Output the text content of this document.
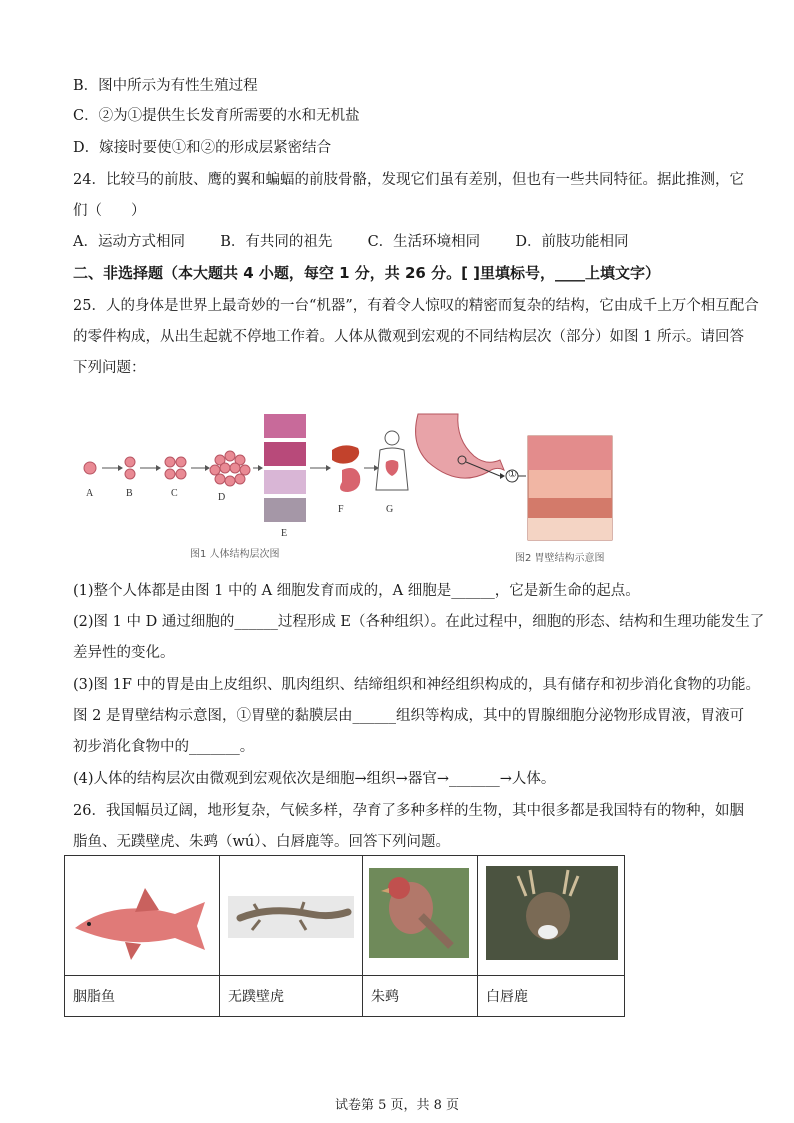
B．图中所示为有性生殖过程
C．②为①提供生长发育所需要的水和无机盐
D．嫁接时要使①和②的形成层紧密结合
24．比较马的前肢、鹰的翼和蝙蝠的前肢骨骼，发现它们虽有差别，但也有一些共同特征。据此推测，它
们（　　）
A．运动方式相同 B．有共同的祖先 C．生活环境相同 D．前肢功能相同
二、非选择题（本大题共 4 小题，每空 1 分，共 26 分。[ ]里填标号，____上填文字）
25．人的身体是世界上最奇妙的一台“机器”，有着令人惊叹的精密而复杂的结构，它由成千上万个相互配合
的零件构成，从出生起就不停地工作着。人体从微观到宏观的不同结构层次（部分）如图 1 所示。请回答
下列问题：
A	B	C	D
E
F	G
①
图1 人体结构层次图	图2 胃壁结构示意图
(1)整个人体都是由图 1 中的 A 细胞发育而成的，A 细胞是______，它是新生命的起点。
(2)图 1 中 D 通过细胞的______过程形成 E（各种组织）。在此过程中，细胞的形态、结构和生理功能发生了
差异性的变化。
(3)图 1F 中的胃是由上皮组织、肌肉组织、结缔组织和神经组织构成的，具有储存和初步消化食物的功能。
图 2 是胃壁结构示意图，①胃壁的黏膜层由______组织等构成，其中的胃腺细胞分泌物形成胃液，胃液可
初步消化食物中的_______。
(4)人体的结构层次由微观到宏观依次是细胞→组织→器官→_______→人体。
26．我国幅员辽阔，地形复杂，气候多样，孕育了多种多样的生物，其中很多都是我国特有的物种，如胭
脂鱼、无蹼壁虎、朱鹀（wú）、白唇鹿等。回答下列问题。

胭脂鱼	无蹼壁虎	朱鹀	白唇鹿
试卷第 5 页，共 8 页
